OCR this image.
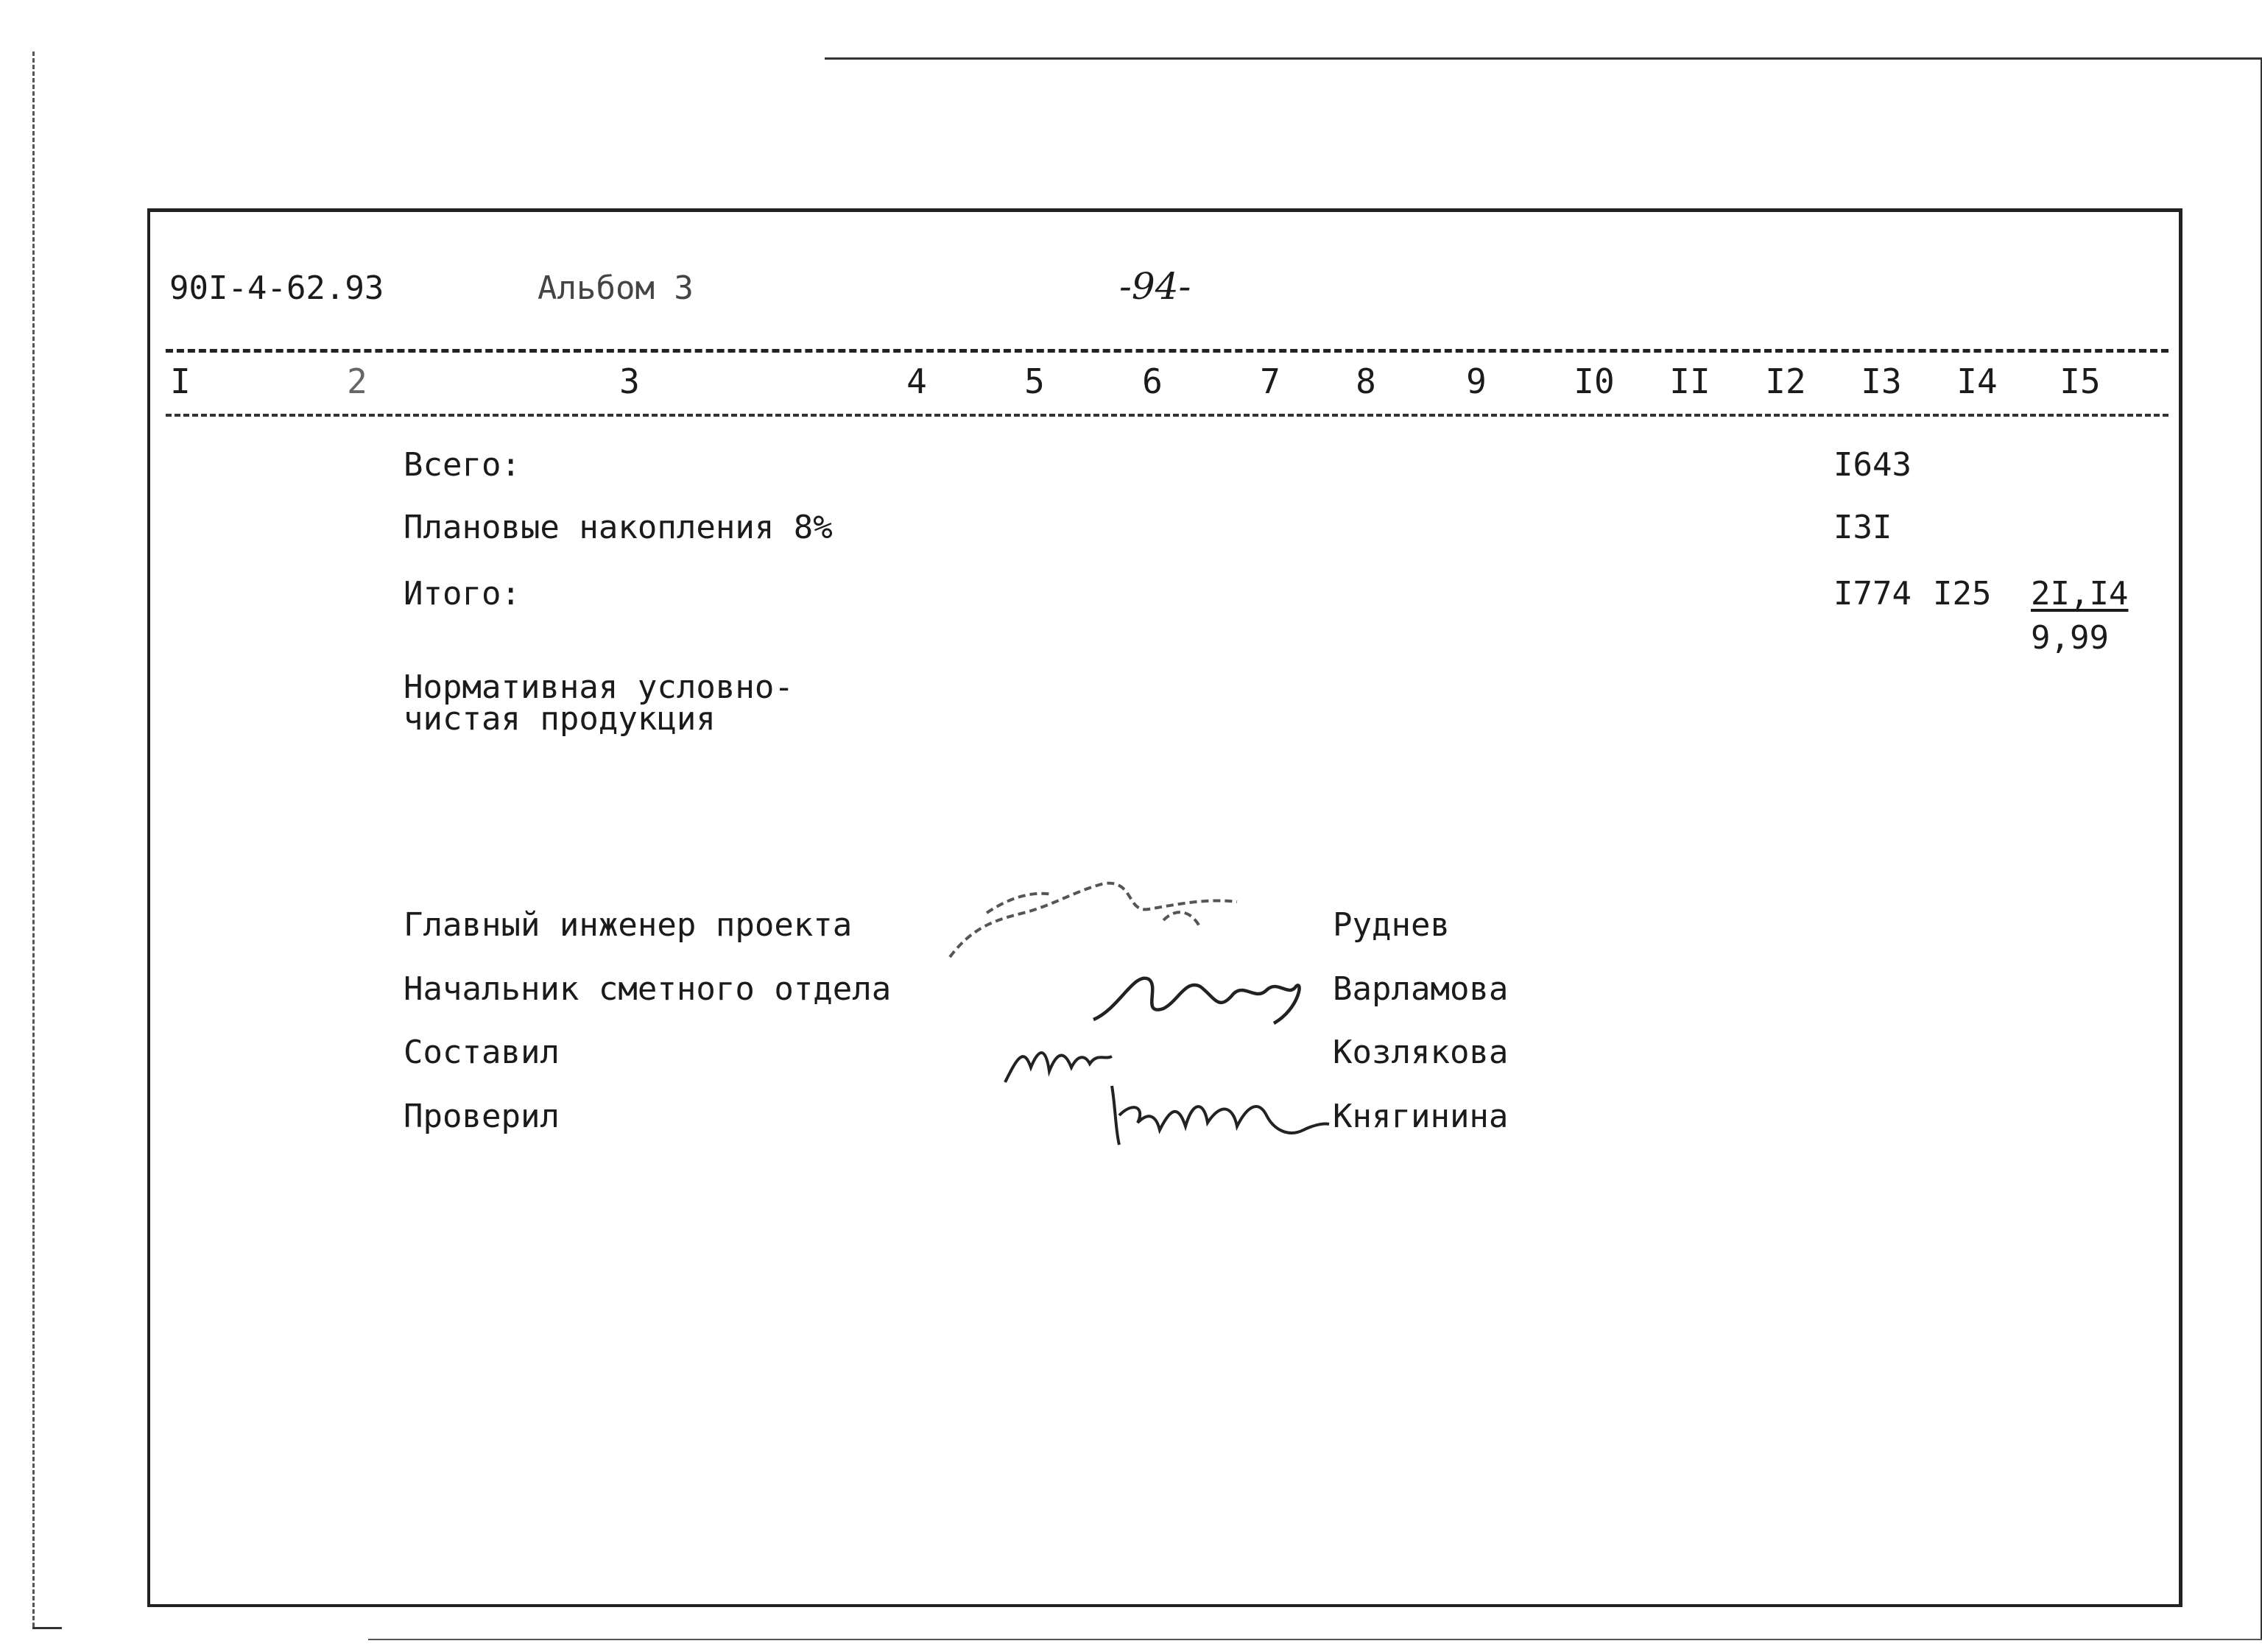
90I-4-62.93	Альбом 3	-94-
I	2	3	4	5	6	7	8	9	I0	II	I2	I3	I4	I5
Всего:	I643
Плановые накопления 8%	I3I
Итого:	I774 I25 2I,I4
9,99
Нормативная условно-
чистая продукция
Главный инженер проекта	Руднев
Начальник сметного отдела	Варламова
Составил	Козлякова
Проверил	Княгинина
